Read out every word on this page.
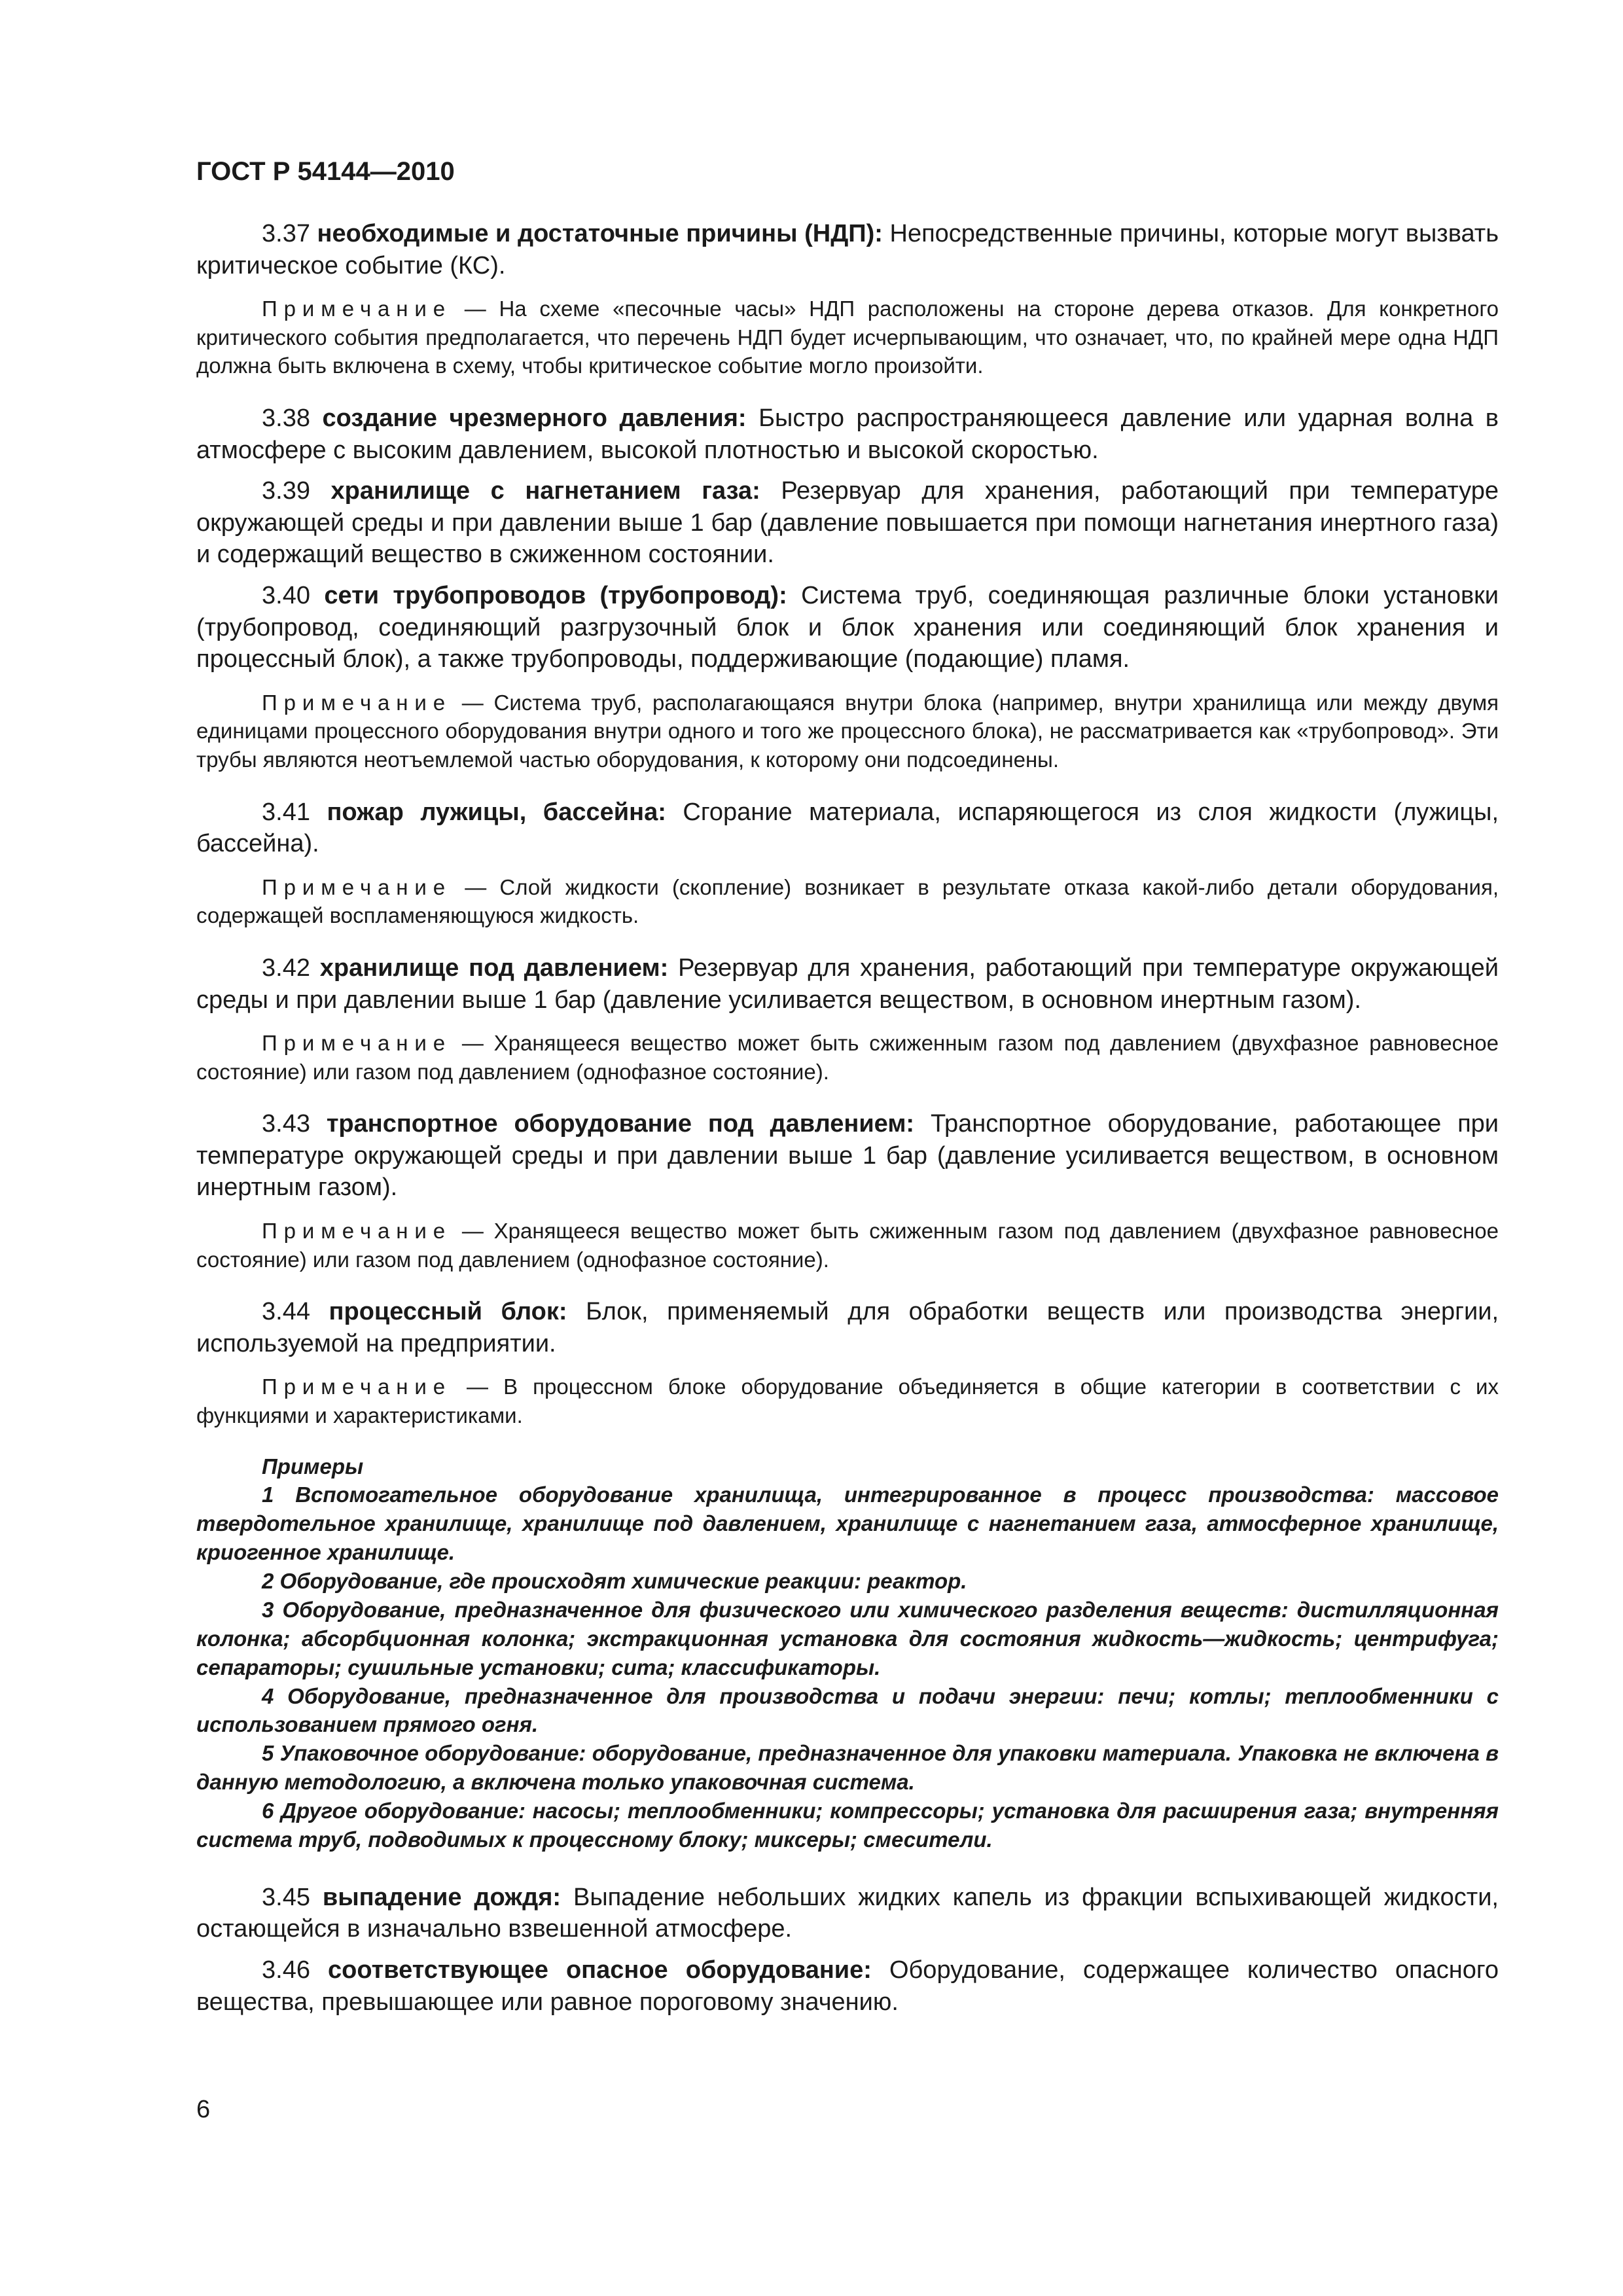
ГОСТ Р 54144—2010

3.37 необходимые и достаточные причины (НДП): Непосредственные причины, которые могут вызвать критическое событие (КС).

Примечание — На схеме «песочные часы» НДП расположены на стороне дерева отказов. Для конкретного критического события предполагается, что перечень НДП будет исчерпывающим, что означает, что, по крайней мере одна НДП должна быть включена в схему, чтобы критическое событие могло произойти.

3.38 создание чрезмерного давления: Быстро распространяющееся давление или ударная волна в атмосфере с высоким давлением, высокой плотностью и высокой скоростью.

3.39 хранилище с нагнетанием газа: Резервуар для хранения, работающий при температуре окружающей среды и при давлении выше 1 бар (давление повышается при помощи нагнетания инертного газа) и содержащий вещество в сжиженном состоянии.

3.40 сети трубопроводов (трубопровод): Система труб, соединяющая различные блоки установки (трубопровод, соединяющий разгрузочный блок и блок хранения или соединяющий блок хранения и процессный блок), а также трубопроводы, поддерживающие (подающие) пламя.

Примечание — Система труб, располагающаяся внутри блока (например, внутри хранилища или между двумя единицами процессного оборудования внутри одного и того же процессного блока), не рассматривается как «трубопровод». Эти трубы являются неотъемлемой частью оборудования, к которому они подсоединены.

3.41 пожар лужицы, бассейна: Сгорание материала, испаряющегося из слоя жидкости (лужицы, бассейна).

Примечание — Слой жидкости (скопление) возникает в результате отказа какой-либо детали оборудования, содержащей воспламеняющуюся жидкость.

3.42 хранилище под давлением: Резервуар для хранения, работающий при температуре окружающей среды и при давлении выше 1 бар (давление усиливается веществом, в основном инертным газом).

Примечание — Хранящееся вещество может быть сжиженным газом под давлением (двухфазное равновесное состояние) или газом под давлением (однофазное состояние).

3.43 транспортное оборудование под давлением: Транспортное оборудование, работающее при температуре окружающей среды и при давлении выше 1 бар (давление усиливается веществом, в основном инертным газом).

Примечание — Хранящееся вещество может быть сжиженным газом под давлением (двухфазное равновесное состояние) или газом под давлением (однофазное состояние).

3.44 процессный блок: Блок, применяемый для обработки веществ или производства энергии, используемой на предприятии.

Примечание — В процессном блоке оборудование объединяется в общие категории в соответствии с их функциями и характеристиками.

Примеры

1 Вспомогательное оборудование хранилища, интегрированное в процесс производства: массовое твердотельное хранилище, хранилище под давлением, хранилище с нагнетанием газа, атмосферное хранилище, криогенное хранилище.

2 Оборудование, где происходят химические реакции: реактор.

3 Оборудование, предназначенное для физического или химического разделения веществ: дистилляционная колонка; абсорбционная колонка; экстракционная установка для состояния жидкость—жидкость; центрифуга; сепараторы; сушильные установки; сита; классификаторы.

4 Оборудование, предназначенное для производства и подачи энергии: печи; котлы; теплообменники с использованием прямого огня.

5 Упаковочное оборудование: оборудование, предназначенное для упаковки материала. Упаковка не включена в данную методологию, а включена только упаковочная система.

6 Другое оборудование: насосы; теплообменники; компрессоры; установка для расширения газа; внутренняя система труб, подводимых к процессному блоку; миксеры; смесители.

3.45 выпадение дождя: Выпадение небольших жидких капель из фракции вспыхивающей жидкости, остающейся в изначально взвешенной атмосфере.

3.46 соответствующее опасное оборудование: Оборудование, содержащее количество опасного вещества, превышающее или равное пороговому значению.

6
